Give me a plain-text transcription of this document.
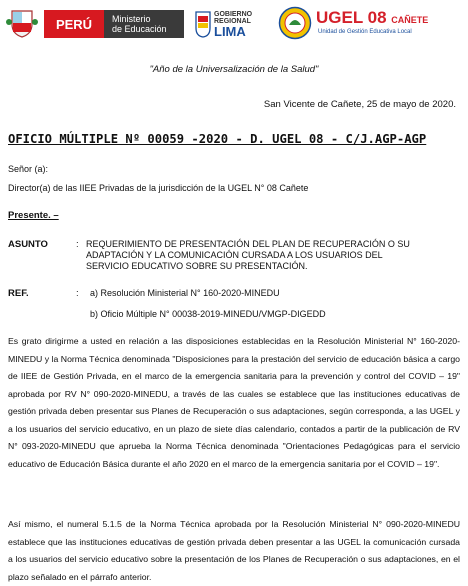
PERÚ	Ministerio
de Educación
GOBIERNO
REGIONAL
LIMA
UGEL 08 CAÑETE
Unidad de Gestión Educativa Local
"Año de la Universalización de la Salud"
San Vicente de Cañete, 25 de mayo de 2020.
OFICIO MÚLTIPLE Nº 00059 -2020 - D. UGEL 08 - C/J.AGP-AGP
Señor (a):
Director(a) de las IIEE Privadas de la jurisdicción de la UGEL N° 08 Cañete
Presente. –
ASUNTO	: REQUERIMIENTO DE PRESENTACIÓN DEL PLAN DE RECUPERACIÓN O SU ADAPTACIÓN Y LA COMUNICACIÓN CURSADA A LOS USUARIOS DEL SERVICIO EDUCATIVO SOBRE SU PRESENTACIÓN.
REF.	: a) Resolución Ministerial N° 160-2020-MINEDU
b) Oficio Múltiple N° 00038-2019-MINEDU/VMGP-DIGEDD
Es grato dirigirme a usted en relación a las disposiciones establecidas en la Resolución Ministerial N° 160-2020-MINEDU y la Norma Técnica denominada "Disposiciones para la prestación del servicio de educación básica a cargo de IIEE de Gestión Privada, en el marco de la emergencia sanitaria para la prevención y control del COVID – 19" aprobada por RV N° 090-2020-MINEDU, a través de las cuales se establece que las instituciones educativas de gestión privada deben presentar sus Planes de Recuperación o sus adaptaciones, según corresponda, a las UGEL y a los usuarios del servicio educativo, en un plazo de siete días calendario, contados a partir de la publicación de RV N° 093-2020-MINEDU que aprueba la Norma Técnica denominada "Orientaciones Pedagógicas para el servicio educativo de Educación Básica durante el año 2020 en el marco de la emergencia sanitaria por el COVID – 19".
Así mismo, el numeral 5.1.5 de la Norma Técnica aprobada por la Resolución Ministerial N° 090-2020-MINEDU establece que las instituciones educativas de gestión privada deben presentar a las UGEL la comunicación cursada a los usuarios del servicio educativo sobre la presentación de los Planes de Recuperación o sus adaptaciones, en el plazo señalado en el párrafo anterior.
